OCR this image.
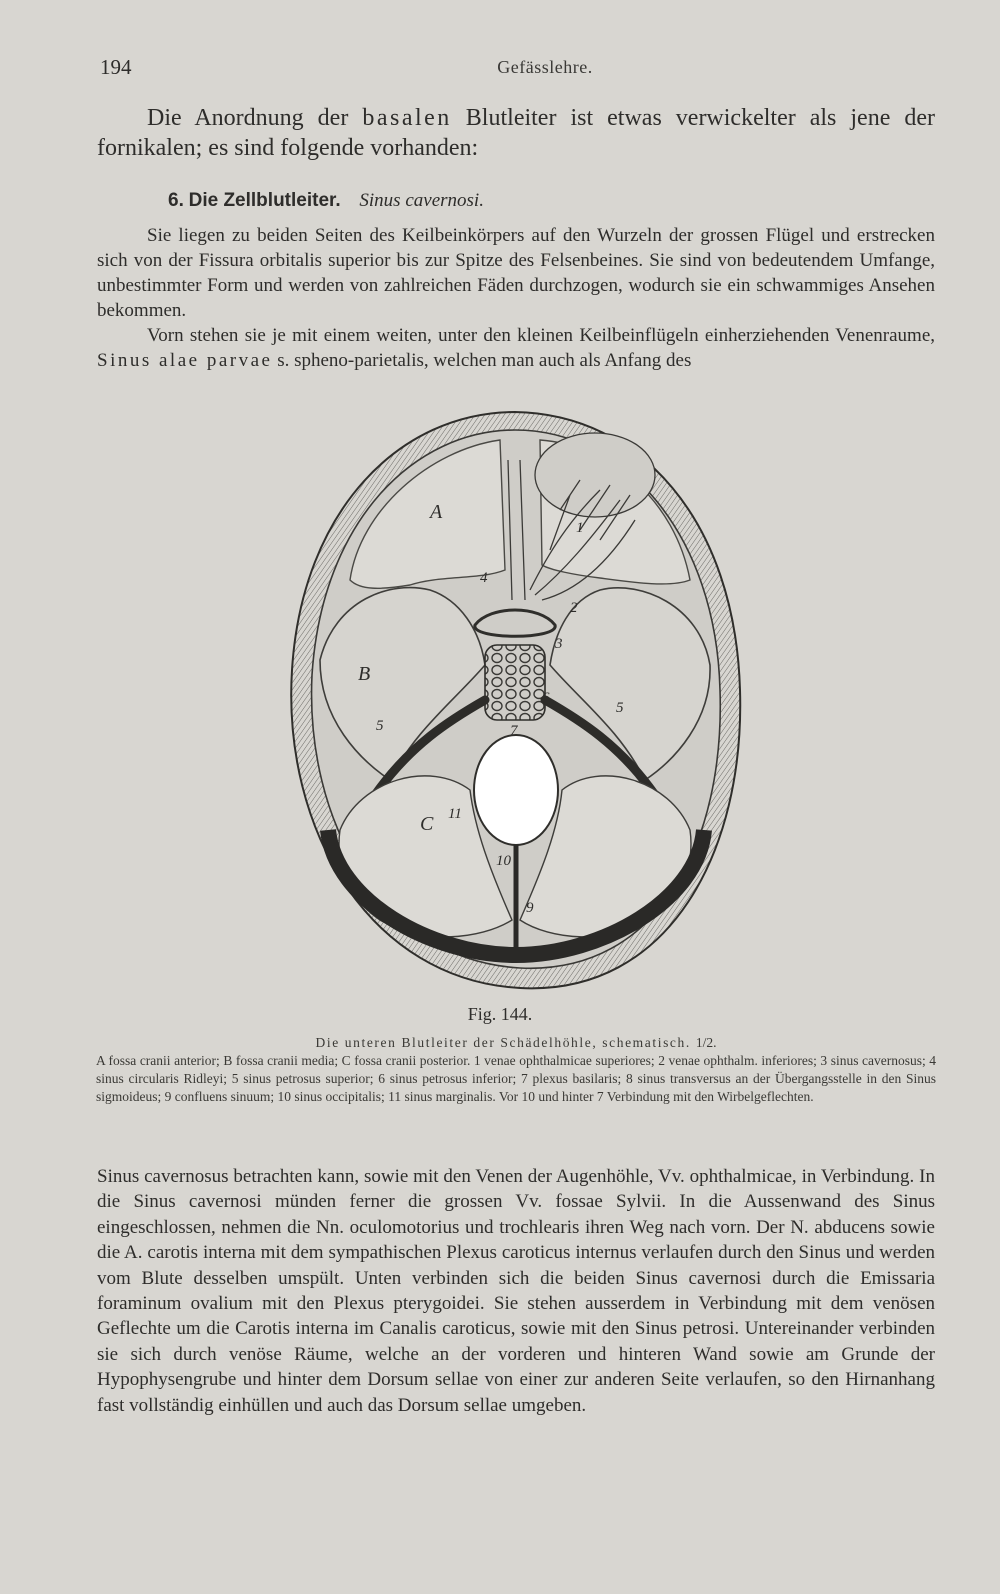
194	Gefässlehre.

Die Anordnung der basalen Blutleiter ist etwas verwickelter als jene der fornikalen; es sind folgende vorhanden:

6. Die Zellblutleiter. Sinus cavernosi.

Sie liegen zu beiden Seiten des Keilbeinkörpers auf den Wurzeln der grossen Flügel und erstrecken sich von der Fissura orbitalis superior bis zur Spitze des Felsenbeines. Sie sind von bedeutendem Umfange, unbestimmter Form und werden von zahlreichen Fäden durchzogen, wodurch sie ein schwammiges Ansehen bekommen.

Vorn stehen sie je mit einem weiten, unter den kleinen Keilbeinflügeln einherziehenden Venenraume, Sinus alae parvae s. spheno-parietalis, welchen man auch als Anfang des

A
B
C
1
2
3
4
5
5
6
7
9
10
11
Fig. 144.
Die unteren Blutleiter der Schädelhöhle, schematisch. 1/2.
A fossa cranii anterior; B fossa cranii media; C fossa cranii posterior. 1 venae ophthalmicae superiores; 2 venae ophthalm. inferiores; 3 sinus cavernosus; 4 sinus circularis Ridleyi; 5 sinus petrosus superior; 6 sinus petrosus inferior; 7 plexus basilaris; 8 sinus transversus an der Übergangsstelle in den Sinus sigmoideus; 9 confluens sinuum; 10 sinus occipitalis; 11 sinus marginalis. Vor 10 und hinter 7 Verbindung mit den Wirbelgeflechten.

Sinus cavernosus betrachten kann, sowie mit den Venen der Augenhöhle, Vv. ophthalmicae, in Verbindung. In die Sinus cavernosi münden ferner die grossen Vv. fossae Sylvii. In die Aussenwand des Sinus eingeschlossen, nehmen die Nn. oculomotorius und trochlearis ihren Weg nach vorn. Der N. abducens sowie die A. carotis interna mit dem sympathischen Plexus caroticus internus verlaufen durch den Sinus und werden vom Blute desselben umspült. Unten verbinden sich die beiden Sinus cavernosi durch die Emissaria foraminum ovalium mit den Plexus pterygoidei. Sie stehen ausserdem in Verbindung mit dem venösen Geflechte um die Carotis interna im Canalis caroticus, sowie mit den Sinus petrosi. Untereinander verbinden sie sich durch venöse Räume, welche an der vorderen und hinteren Wand sowie am Grunde der Hypophysengrube und hinter dem Dorsum sellae von einer zur anderen Seite verlaufen, so den Hirnanhang fast vollständig einhüllen und auch das Dorsum sellae umgeben.
